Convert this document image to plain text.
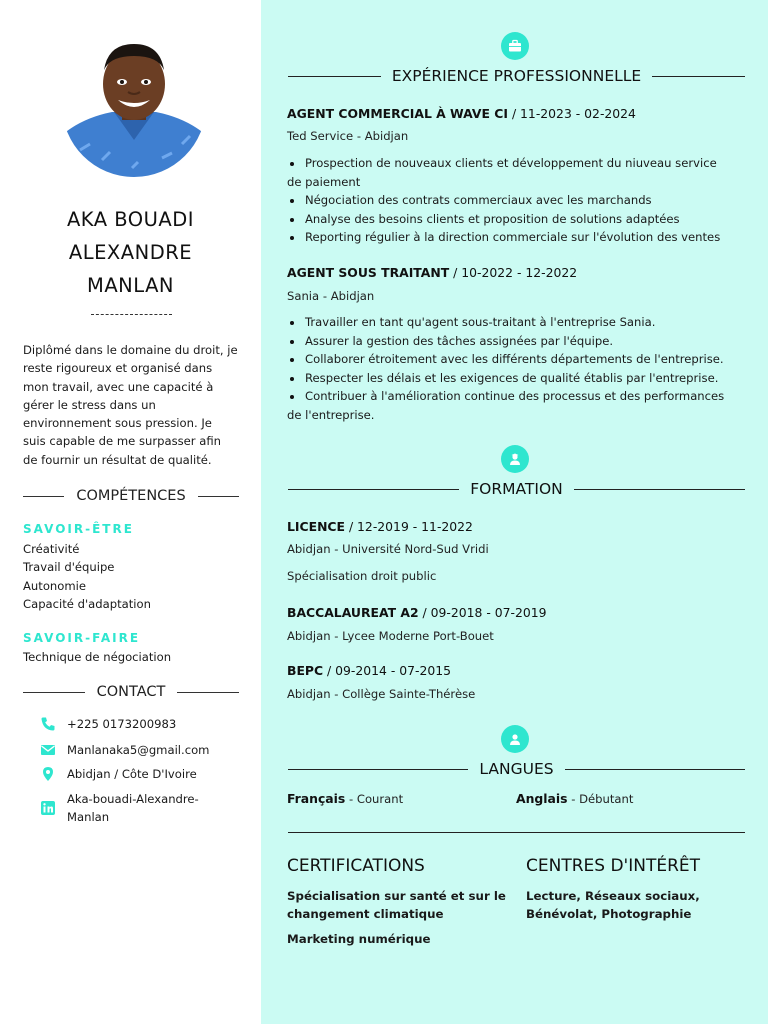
AKA BOUADI
ALEXANDRE
MANLAN
Diplômé dans le domaine du droit, je reste rigoureux et organisé dans mon travail, avec une capacité à gérer le stress dans un environnement sous pression. Je suis capable de me surpasser afin de fournir un résultat de qualité.
COMPÉTENCES
SAVOIR-ÊTRE
Créativité
Travail d'équipe
Autonomie
Capacité d'adaptation
SAVOIR-FAIRE
Technique de négociation
CONTACT
+225 0173200983
Manlanaka5@gmail.com
Abidjan / Côte D'Ivoire
Aka-bouadi-Alexandre-Manlan
EXPÉRIENCE PROFESSIONNELLE
AGENT COMMERCIAL À WAVE CI / 11-2023 - 02-2024
Ted Service - Abidjan
Prospection de nouveaux clients et développement du niuveau service
de paiement
Négociation des contrats commerciaux avec les marchands
Analyse des besoins clients et proposition de solutions adaptées
Reporting régulier à la direction commerciale sur l'évolution des ventes
AGENT SOUS TRAITANT / 10-2022 - 12-2022
Sania - Abidjan
Travailler en tant qu'agent sous-traitant à l'entreprise Sania.
Assurer la gestion des tâches assignées par l'équipe.
Collaborer étroitement avec les différents départements de l'entreprise.
Respecter les délais et les exigences de qualité établis par l'entreprise.
Contribuer à l'amélioration continue des processus et des performances
de l'entreprise.
FORMATION
LICENCE / 12-2019 - 11-2022
Abidjan - Université Nord-Sud Vridi
Spécialisation droit public
BACCALAUREAT A2 / 09-2018 - 07-2019
Abidjan - Lycee Moderne Port-Bouet
BEPC / 09-2014 - 07-2015
Abidjan - Collège Sainte-Thérèse
LANGUES
Français - Courant	Anglais - Débutant
CERTIFICATIONS
Spécialisation sur santé et sur le changement climatique
Marketing numérique
CENTRES D'INTÉRÊT
Lecture, Réseaux sociaux, Bénévolat, Photographie
